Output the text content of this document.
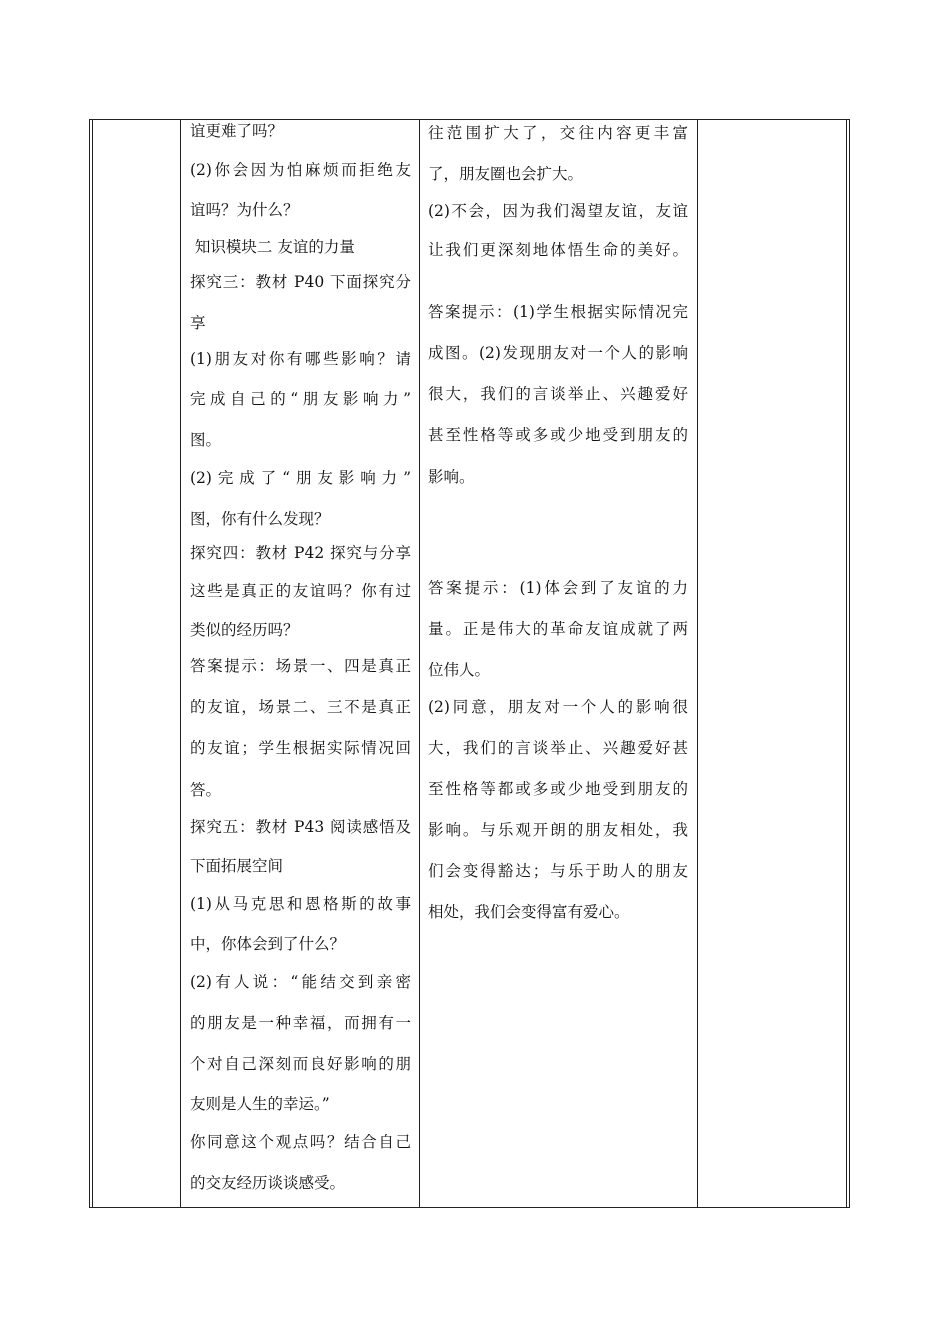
谊更难了吗？
(2)你会因为怕麻烦而拒绝友
谊吗？为什么？
知识模块二 友谊的力量
探究三：教材 P40 下面探究分
享
(1)朋友对你有哪些影响？请
完成自己的“朋友影响力”
图。
(2)完成了“朋友影响力”
图，你有什么发现？
探究四：教材 P42 探究与分享
这些是真正的友谊吗？你有过
类似的经历吗？
答案提示：场景一、四是真正
的友谊，场景二、三不是真正
的友谊；学生根据实际情况回
答。
探究五：教材 P43 阅读感悟及
下面拓展空间
(1)从马克思和恩格斯的故事
中，你体会到了什么？
(2)有人说：“能结交到亲密
的朋友是一种幸福，而拥有一
个对自己深刻而良好影响的朋
友则是人生的幸运。”
你同意这个观点吗？结合自己
的交友经历谈谈感受。
往范围扩大了，交往内容更丰富
了，朋友圈也会扩大。
(2)不会，因为我们渴望友谊，友谊
让我们更深刻地体悟生命的美好。
答案提示：(1)学生根据实际情况完
成图。(2)发现朋友对一个人的影响
很大，我们的言谈举止、兴趣爱好
甚至性格等或多或少地受到朋友的
影响。
答案提示：(1)体会到了友谊的力
量。正是伟大的革命友谊成就了两
位伟人。
(2)同意，朋友对一个人的影响很
大，我们的言谈举止、兴趣爱好甚
至性格等都或多或少地受到朋友的
影响。与乐观开朗的朋友相处，我
们会变得豁达；与乐于助人的朋友
相处，我们会变得富有爱心。
